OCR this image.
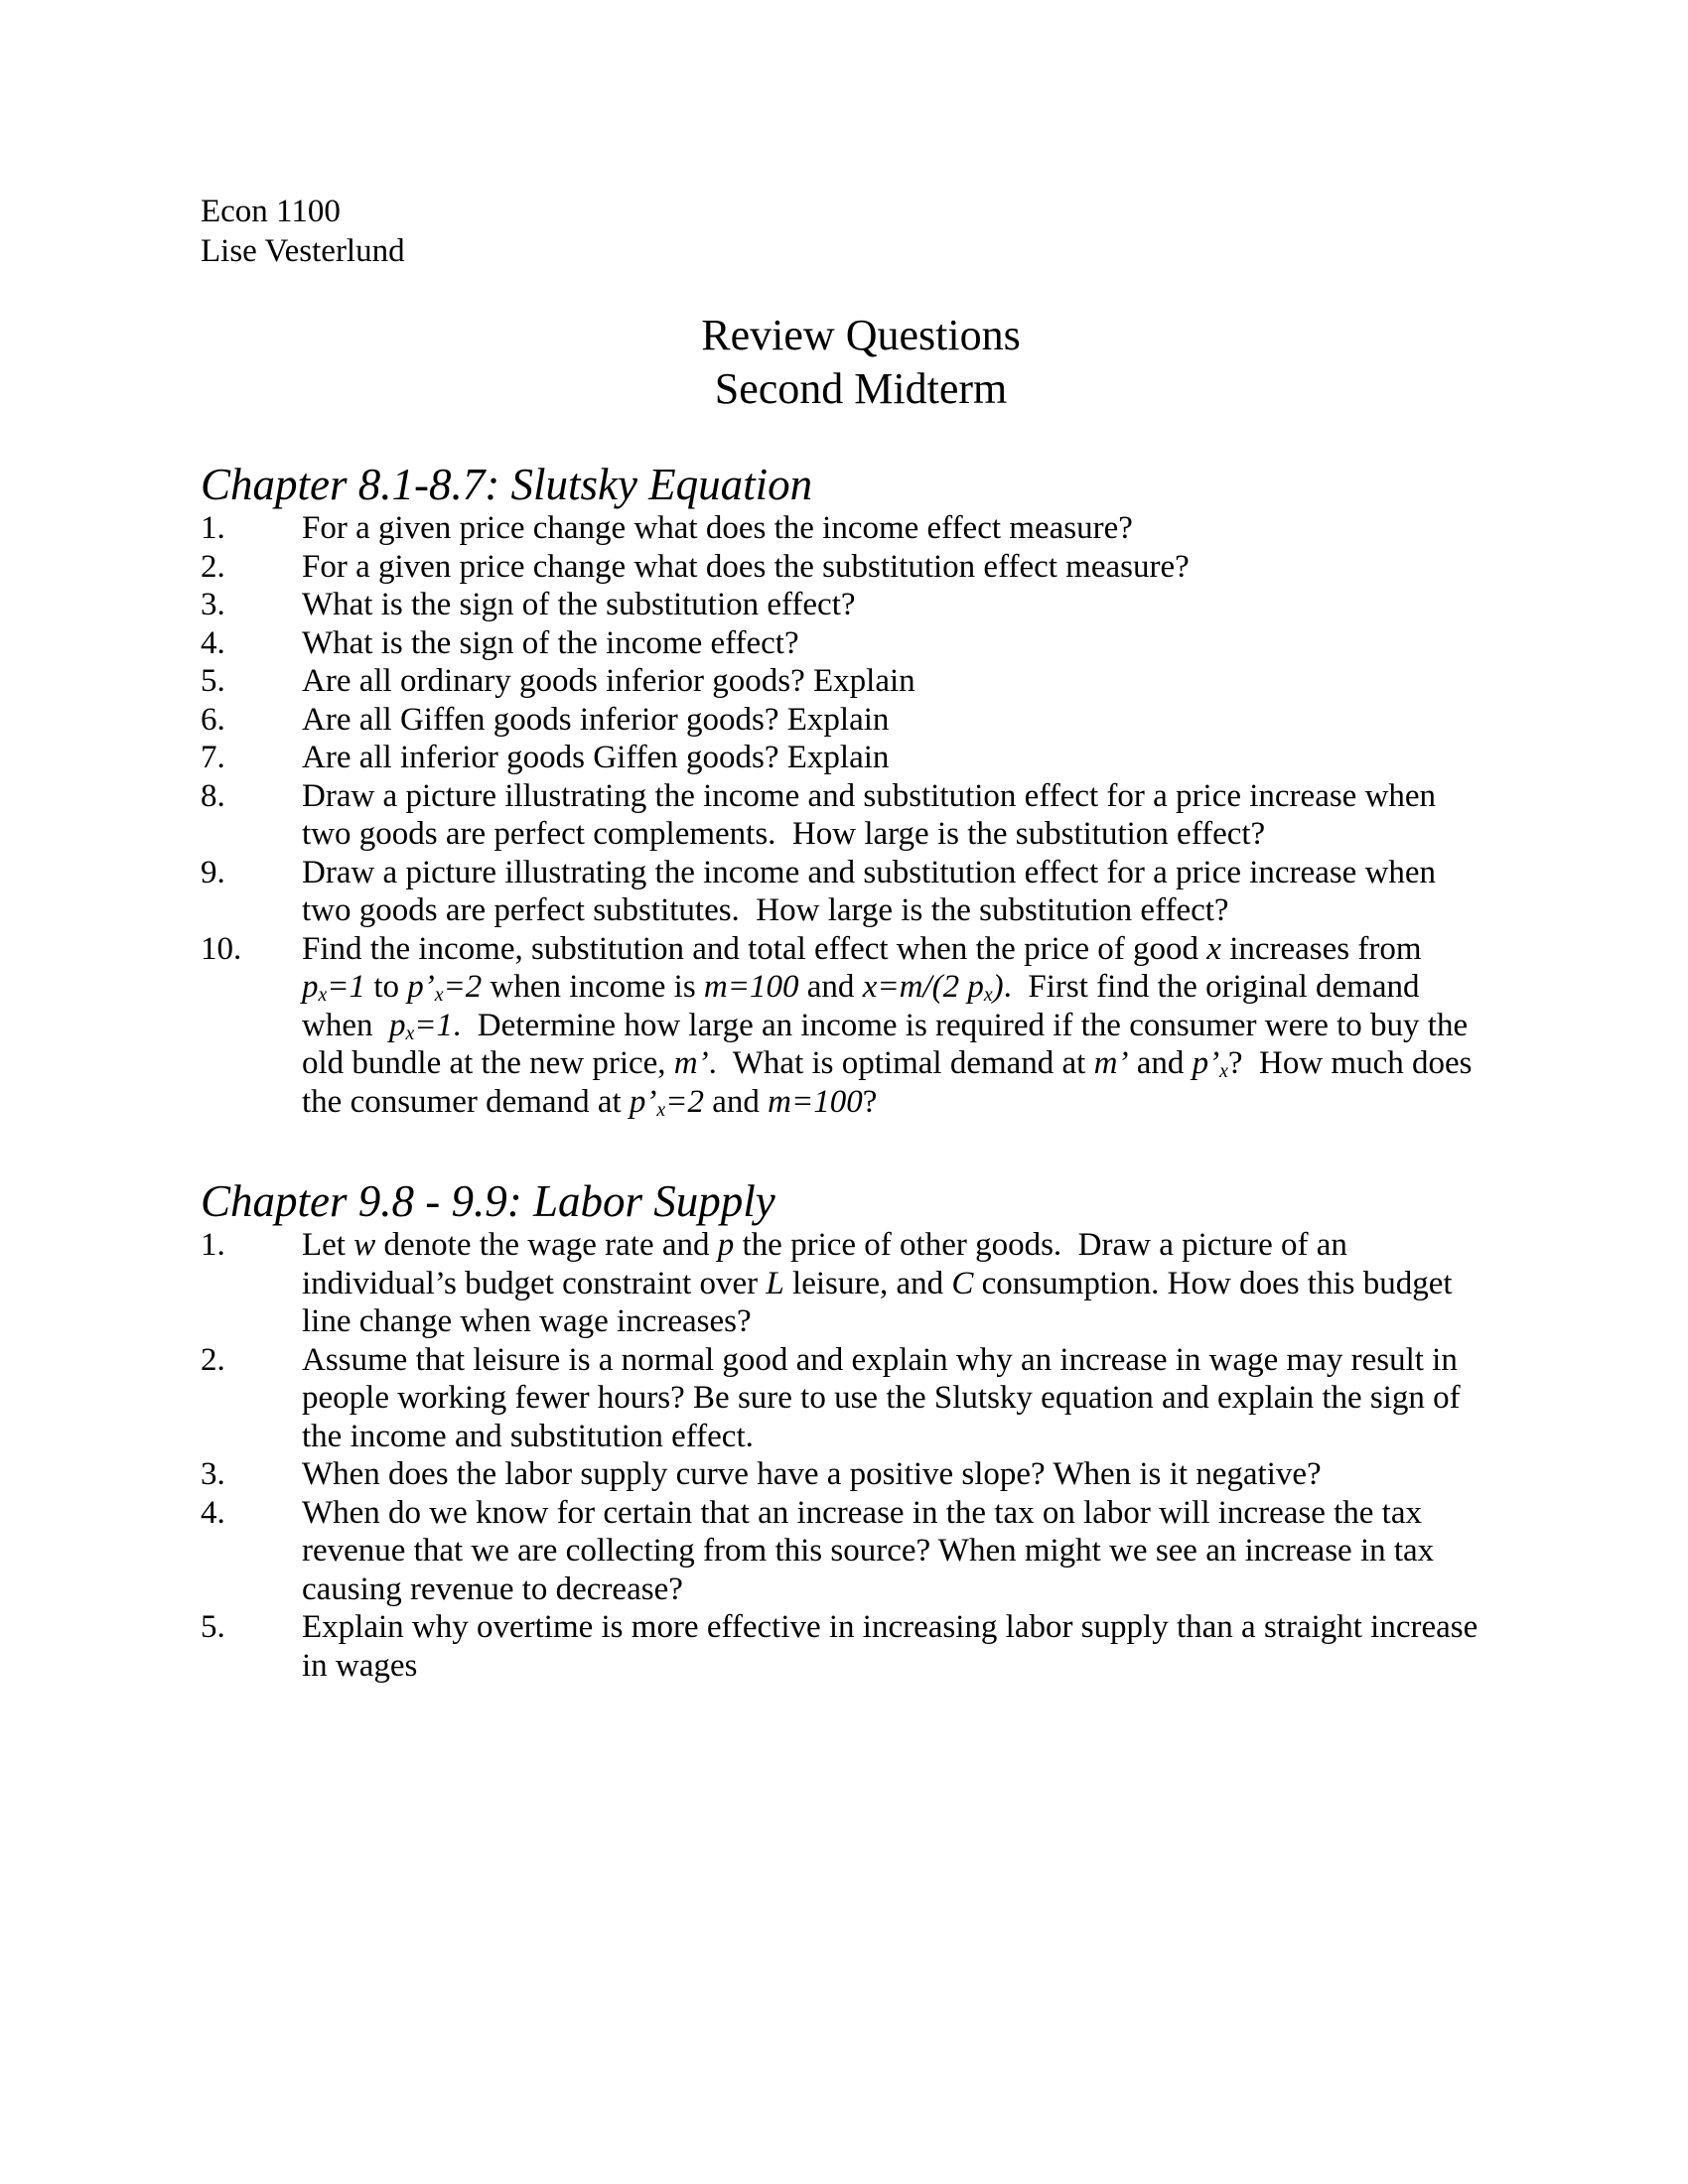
Econ 1100
Lise Vesterlund
Review Questions
Second Midterm
Chapter 8.1-8.7: Slutsky Equation
1.	For a given price change what does the income effect measure?
2.	For a given price change what does the substitution effect measure?
3.	What is the sign of the substitution effect?
4.	What is the sign of the income effect?
5.	Are all ordinary goods inferior goods? Explain
6.	Are all Giffen goods inferior goods? Explain
7.	Are all inferior goods Giffen goods? Explain
8.	Draw a picture illustrating the income and substitution effect for a price increase when two goods are perfect complements.  How large is the substitution effect?
9.	Draw a picture illustrating the income and substitution effect for a price increase when two goods are perfect substitutes.  How large is the substitution effect?
10.	Find the income, substitution and total effect when the price of good x increases from $p_x=1$ to $p’_x=2$ when income is m=100 and x=m/(2 $p_x$).  First find the original demand when  $p_x=1$.  Determine how large an income is required if the consumer were to buy the old bundle at the new price, m’.  What is optimal demand at m’ and $p’_x$?  How much does the consumer demand at $p’_x=2$ and m=100?
Chapter 9.8 - 9.9: Labor Supply
1.	Let w denote the wage rate and p the price of other goods.  Draw a picture of an individual’s budget constraint over L leisure, and C consumption. How does this budget line change when wage increases?
2.	Assume that leisure is a normal good and explain why an increase in wage may result in people working fewer hours? Be sure to use the Slutsky equation and explain the sign of the income and substitution effect.
3.	When does the labor supply curve have a positive slope? When is it negative?
4.	When do we know for certain that an increase in the tax on labor will increase the tax revenue that we are collecting from this source? When might we see an increase in tax causing revenue to decrease?
5.	Explain why overtime is more effective in increasing labor supply than a straight increase in wages
